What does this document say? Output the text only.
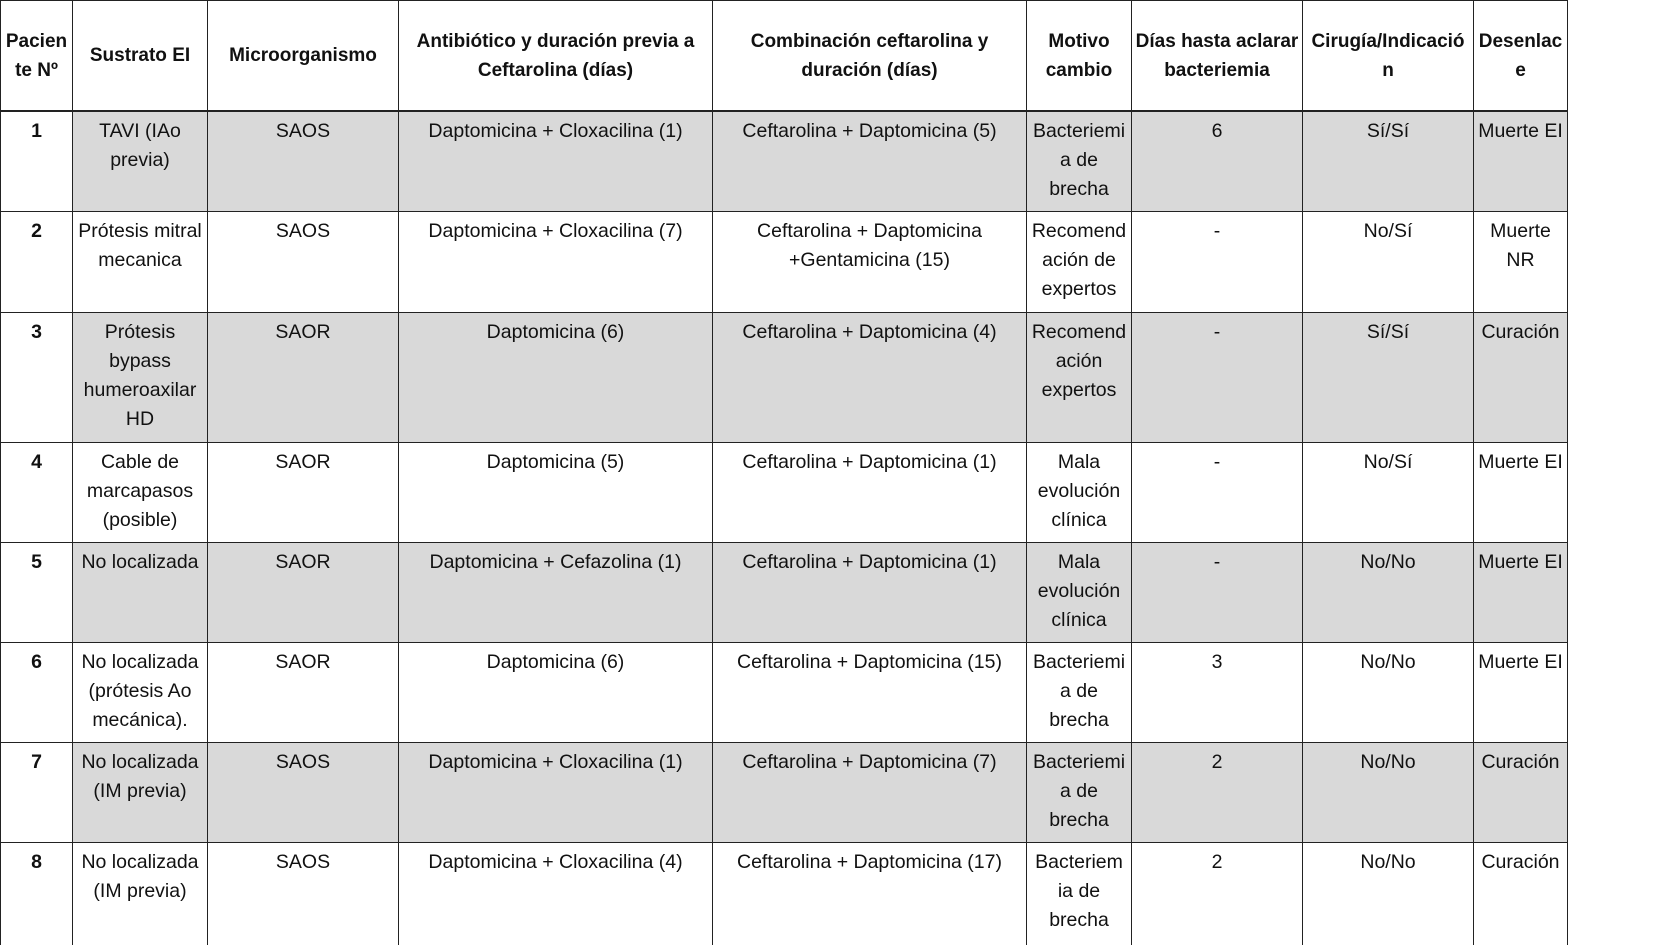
Pacien te Nº	Sustrato EI	Microorganismo	Antibiótico y duración previa a Ceftarolina (días)	Combinación ceftarolina y duración (días)	Motivo cambio	Días hasta aclarar bacteriemia	Cirugía/Indicació n	Desenlac e	
1	TAVI (IAo previa)	SAOS	Daptomicina + Cloxacilina (1)	Ceftarolina + Daptomicina (5)	Bacteriemi a de brecha	6	Sí/Sí	Muerte EI	
2	Prótesis mitral mecanica	SAOS	Daptomicina + Cloxacilina (7)	Ceftarolina + Daptomicina +Gentamicina (15)	Recomend ación de expertos	-	No/Sí	Muerte NR	
3	Prótesis bypass humeroaxilar HD	SAOR	Daptomicina (6)	Ceftarolina + Daptomicina (4)	Recomend ación expertos	-	Sí/Sí	Curación	
4	Cable de marcapasos (posible)	SAOR	Daptomicina (5)	Ceftarolina + Daptomicina (1)	Mala evolución clínica	-	No/Sí	Muerte EI	
5	No localizada	SAOR	Daptomicina + Cefazolina (1)	Ceftarolina + Daptomicina (1)	Mala evolución clínica	-	No/No	Muerte EI	
6	No localizada (prótesis Ao mecánica).	SAOR	Daptomicina (6)	Ceftarolina + Daptomicina (15)	Bacteriemi a de brecha	3	No/No	Muerte EI	
7	No localizada (IM previa)	SAOS	Daptomicina + Cloxacilina (1)	Ceftarolina + Daptomicina (7)	Bacteriemi a de brecha	2	No/No	Curación	
8	No localizada (IM previa)	SAOS	Daptomicina + Cloxacilina (4)	Ceftarolina + Daptomicina (17)	Bacteriem ia de brecha	2	No/No	Curación	
